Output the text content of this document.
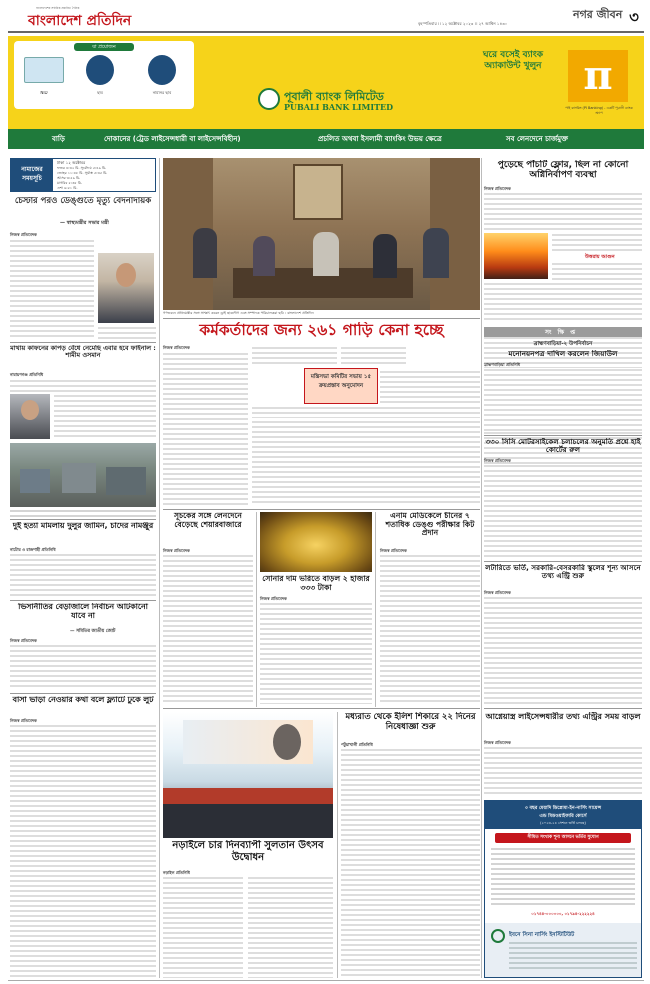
বাংলাদেশের সর্বাধিক প্রচারিত দৈনিক
বাংলাদেশ প্রতিদিন	বৃহস্পতিবার ।। ১২ অক্টোবর ২০২৩ ।। ২৭ আশ্বিন ১৪৩০
নগর জীবন ৩
যা প্রয়োজন
NID	ছবি	নমিনির ছবি	পূবালী ব্যাংক লিমিটেড
PUBALI BANK LIMITED
ঘরে বসেই ব্যাংক অ্যাকাউন্ট খুলুন	π
পাই ব্যাংকিং (PI Banking) - একটি পূবালী ব্যাংক অ্যাপ
বাড়ি	দোকানের (ট্রেড লাইসেন্সধারী বা লাইসেন্সবিহীন)	প্রচলিত অথবা ইসলামী ব্যাংকিং উভয় ক্ষেত্রে	সব লেনদেনে চার্জমুক্ত
নামাজের সময়সূচি
ঢাকা ১২ অক্টোবর
ফজর ৪:৩২ মি. সূর্যোদয় ৫:৪৯ মি.
জোহর ১১:৪৮ মি. সূর্যাস্ত ৫:৩৫ মি.
আসর ৩:৫৯ মি.
মাগরিব ৫:৩৫ মি.
এশা ৬:৫১ মি.
চেস্টার পরও ডেঙ্গুতে মৃত্যু বেদনাদায়ক
— স্বাস্থ্যমন্ত্রীর সভার মন্ত্রী
নিজস্ব প্রতিবেদক
মাথায় কাফনের কাপড় বেঁধে নেমেছি এবার হবে ফাইনাল : শামীম ওসমান
নারায়ণগঞ্জ প্রতিনিধি
দুই হত্যা মামলায় দুলুর জামিন, চাঁদের নামঞ্জুর
নাটোর ও রাজশাহী প্রতিনিধি
ভিসানীতির বেড়াজালে নির্বাচন আটকানো যাবে না
— সমিতির জাতীয় জোট
নিজস্ব প্রতিবেদক
বাসা ভাড়া নেওয়ার কথা বলে ফ্ল্যাটে ঢুকে লুট
নিজস্ব প্রতিবেদক
গণভবনে প্রধানমন্ত্রীর সঙ্গে সাক্ষাৎ করেন ড্রাই ছাত্রলীগ এবং সম্পাদক পরিচালকরা ছবি : বাংলাদেশ প্রতিদিন
পুড়েছে পাঁচটি ফ্লোর, ছিল না কোনো অগ্নিনির্বাপণ ব্যবস্থা
নিজস্ব প্রতিবেদক
উত্তরায় আগুন
কর্মকর্তাদের জন্য ২৬১ গাড়ি কেনা হচ্ছে
নিজস্ব প্রতিবেদক
মন্ত্রিসভা কমিটির সভায় ১৫ ক্রয়প্রস্তাব অনুমোদন
সূচকের সঙ্গে লেনদেনে বেড়েছে শেয়ারবাজারে
নিজস্ব প্রতিবেদক
সোনার দাম ভরিতে বাড়ল ২ হাজার ৩৩৩ টাকা
নিজস্ব প্রতিবেদক
এনাম মেডিকেলে চীনের ৭ শতাধিক ডেঙ্গু পরীক্ষার কিট প্রদান
নিজস্ব প্রতিবেদক
নড়াইলে চার দিনব্যাপী সুলতান উৎসব উদ্বোধন
নড়াইল প্রতিনিধি
মধ্যরাত থেকে ইলিশ শিকারে ২২ দিনের নিষেধাজ্ঞা শুরু
পটুয়াখালী প্রতিনিধি
সংক্ষিপ্ত
ব্রাহ্মণবাড়িয়া-২ উপনির্বাচন
মনোনয়নপত্র দাখিল করলেন জিয়াউল
ব্রাহ্মণবাড়িয়া প্রতিনিধি
৩৩০ সিসি মোটরসাইকেল চলাচলের অনুমতি প্রশ্নে হাই কোর্টের রুল
নিজস্ব প্রতিবেদক
লটারিতে ভর্তি, সরকারি-বেসরকারি স্কুলের শূন্য আসনে তথ্য এন্ট্রি শুরু
নিজস্ব প্রতিবেদক
আগ্নেয়াস্ত্র লাইসেন্সধারীর তথ্য এন্ট্রির সময় বাড়ল
নিজস্ব প্রতিবেদক
৩ বছর মেয়াদি ডিপ্লোমা-ইন-নার্সিং সায়েন্স
এন্ড মিডওয়াইফারি কোর্সে
(২০২৩-২৪ সেশনে ভর্তি চলছে)
সীমিত সংখ্যক শূন্য আসনে ভর্তির সুযোগ
০১৭৪৪-০০০০০০, ০১৭৯৪-২২২২২৪
ইবনে সিনা নার্সিং ইনস্টিটিউট
